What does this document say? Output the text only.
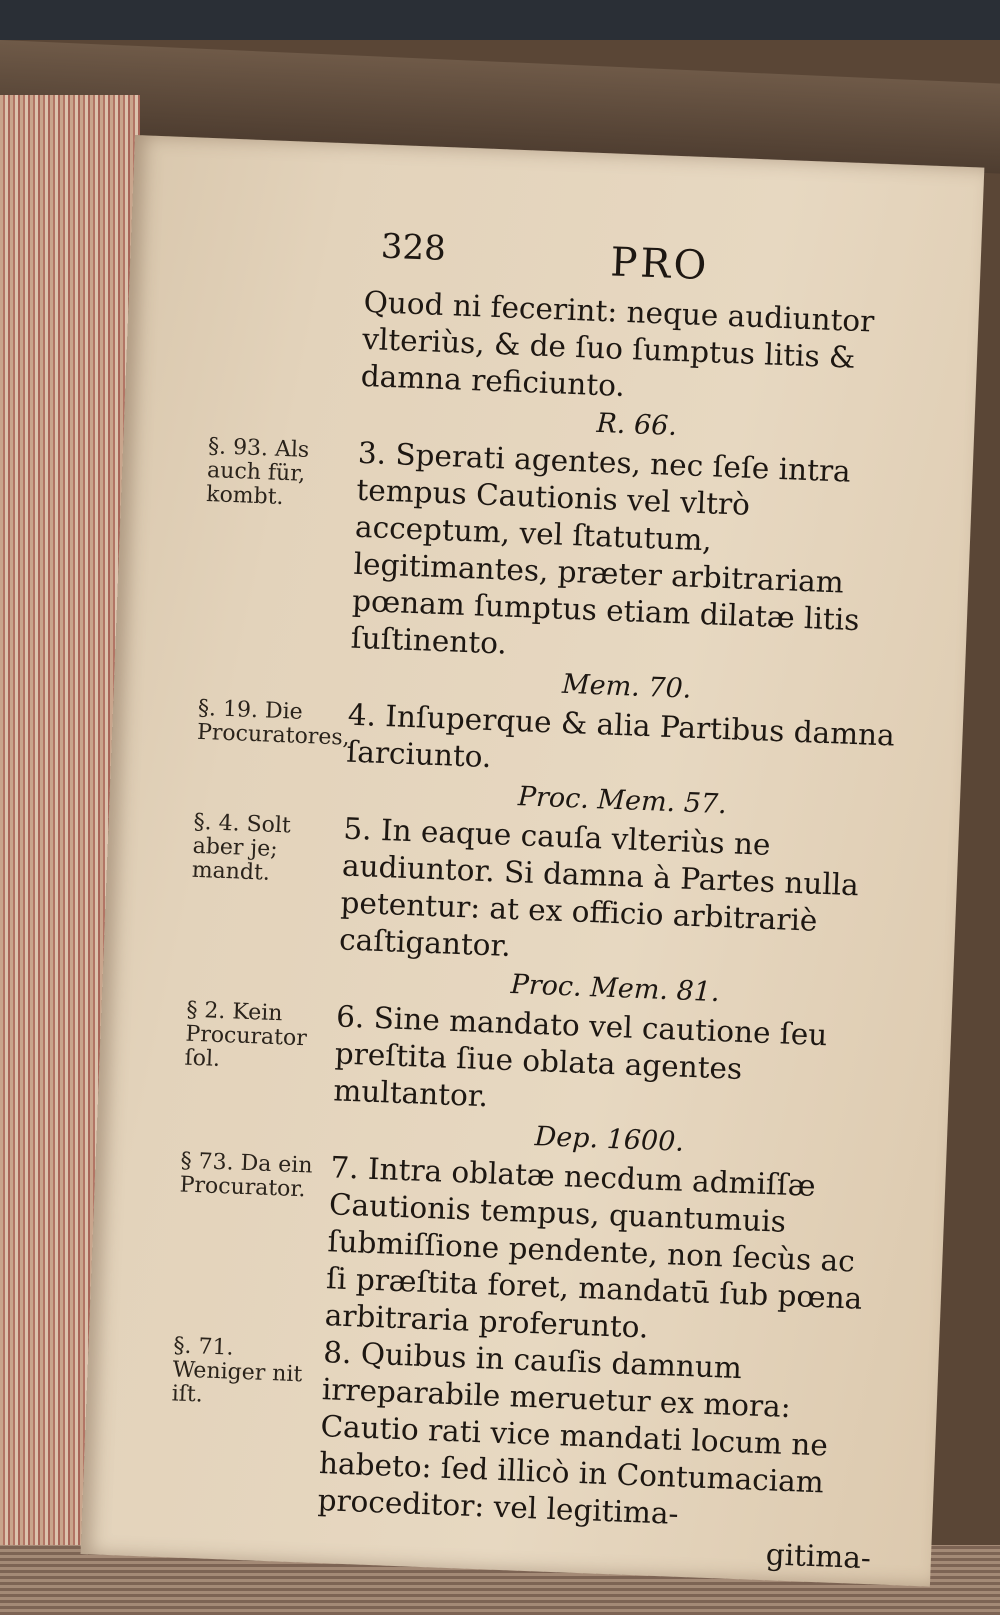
328	PRO
Quod ni fecerint: neque audiuntor vlteriùs, & de ſuo ſumptus litis & damna reficiunto.
R. 66.
§. 93. Als auch für, kombt.
3. Sperati agentes, nec ſeſe intra tempus Cautionis vel vltrò acceptum, vel ſtatutum, legitimantes, præter arbitrariam pœnam ſumptus etiam dilatæ litis ſuſtinento.
Mem. 70.
§. 19. Die Procuratores,
4. Inſuperque & alia Partibus damna ſarciunto.
Proc. Mem. 57.
§. 4. Solt aber je; mandt.
5. In eaque cauſa vlteriùs ne audiuntor. Si damna à Partes nulla petentur: at ex officio arbitrariè caſtigantor.
Proc. Mem. 81.
§ 2. Kein Procurator ſol.
6. Sine mandato vel cautione ſeu preſtita ſiue oblata agentes multantor.
Dep. 1600.
§ 73. Da ein Procurator. 7. Intra oblatæ necdum admiſſæ Cautionis tempus, quantumuis ſubmiſſione pendente, non ſecùs ac ſi præſtita foret, mandatū ſub pœna arbitraria proferunto.
§. 71. Weniger nit iſt.
8. Quibus in cauſis damnum irreparabile meruetur ex mora: Cautio rati vice mandati locum ne habeto: ſed illicò in Contumaciam proceditor: vel legitima-
gitima-
